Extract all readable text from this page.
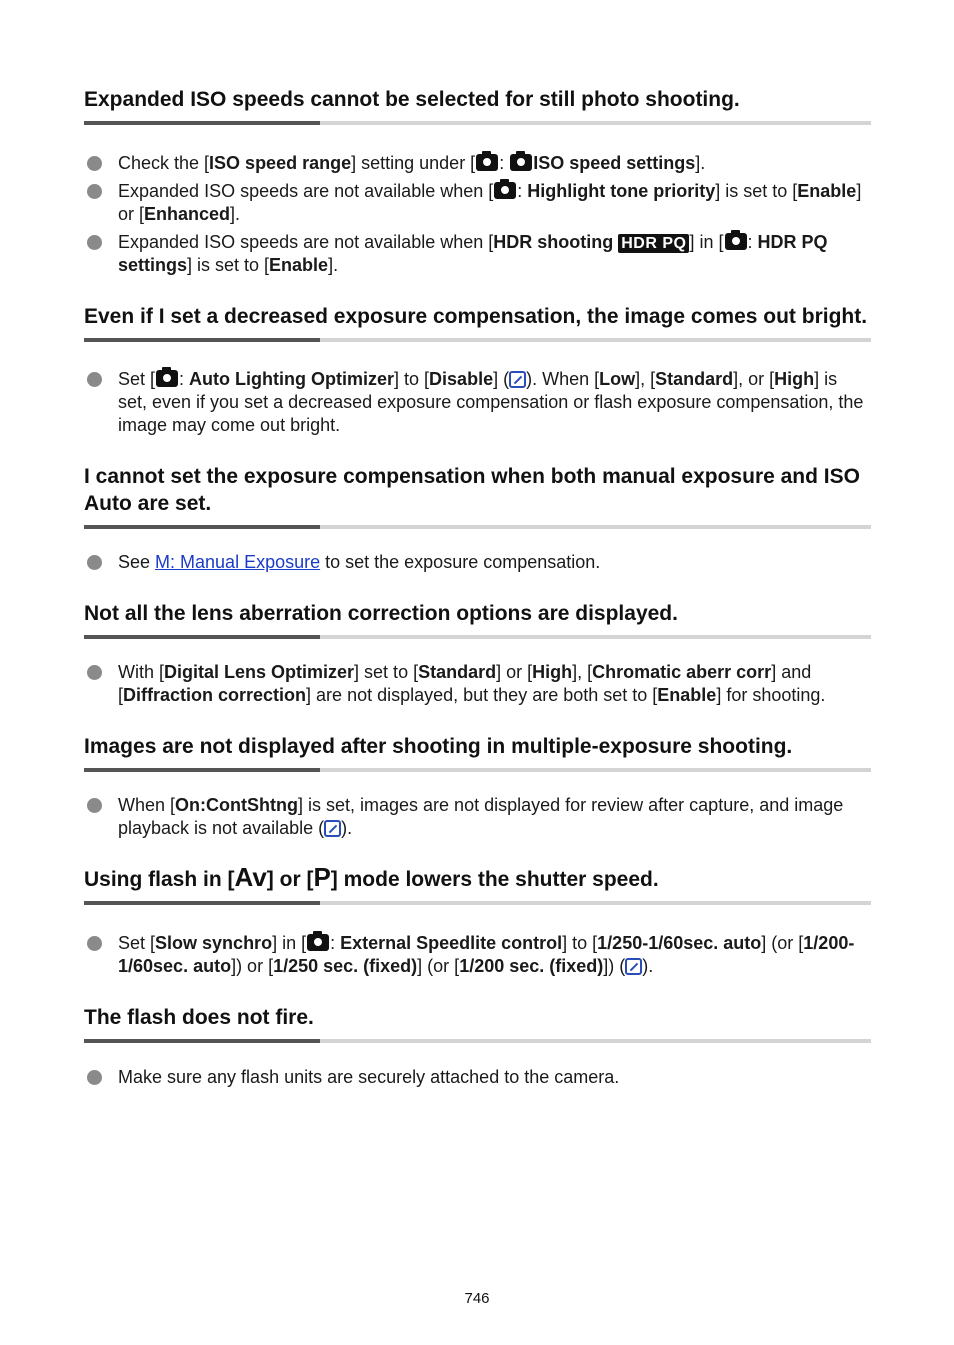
Expanded ISO speeds cannot be selected for still photo shooting.
Check the [ISO speed range] setting under [ : ISO speed settings].
Expanded ISO speeds are not available when [ : Highlight tone priority] is set to [Enable] or [Enhanced].
Expanded ISO speeds are not available when [HDR shooting HDR PQ ] in [ : HDR PQ settings] is set to [Enable].
Even if I set a decreased exposure compensation, the image comes out bright.
Set [ : Auto Lighting Optimizer] to [Disable] ( ). When [Low], [Standard], or [High] is set, even if you set a decreased exposure compensation or flash exposure compensation, the image may come out bright.
I cannot set the exposure compensation when both manual exposure and ISO Auto are set.
See M: Manual Exposure to set the exposure compensation.
Not all the lens aberration correction options are displayed.
With [Digital Lens Optimizer] set to [Standard] or [High], [Chromatic aberr corr] and [Diffraction correction] are not displayed, but they are both set to [Enable] for shooting.
Images are not displayed after shooting in multiple-exposure shooting.
When [On:ContShtng] is set, images are not displayed for review after capture, and image playback is not available ( ).
Using flash in [Av] or [P] mode lowers the shutter speed.
Set [Slow synchro] in [ : External Speedlite control] to [1/250-1/60sec. auto] (or [1/200-1/60sec. auto]) or [1/250 sec. (fixed)] (or [1/200 sec. (fixed)]) ( ).
The flash does not fire.
Make sure any flash units are securely attached to the camera.
746
